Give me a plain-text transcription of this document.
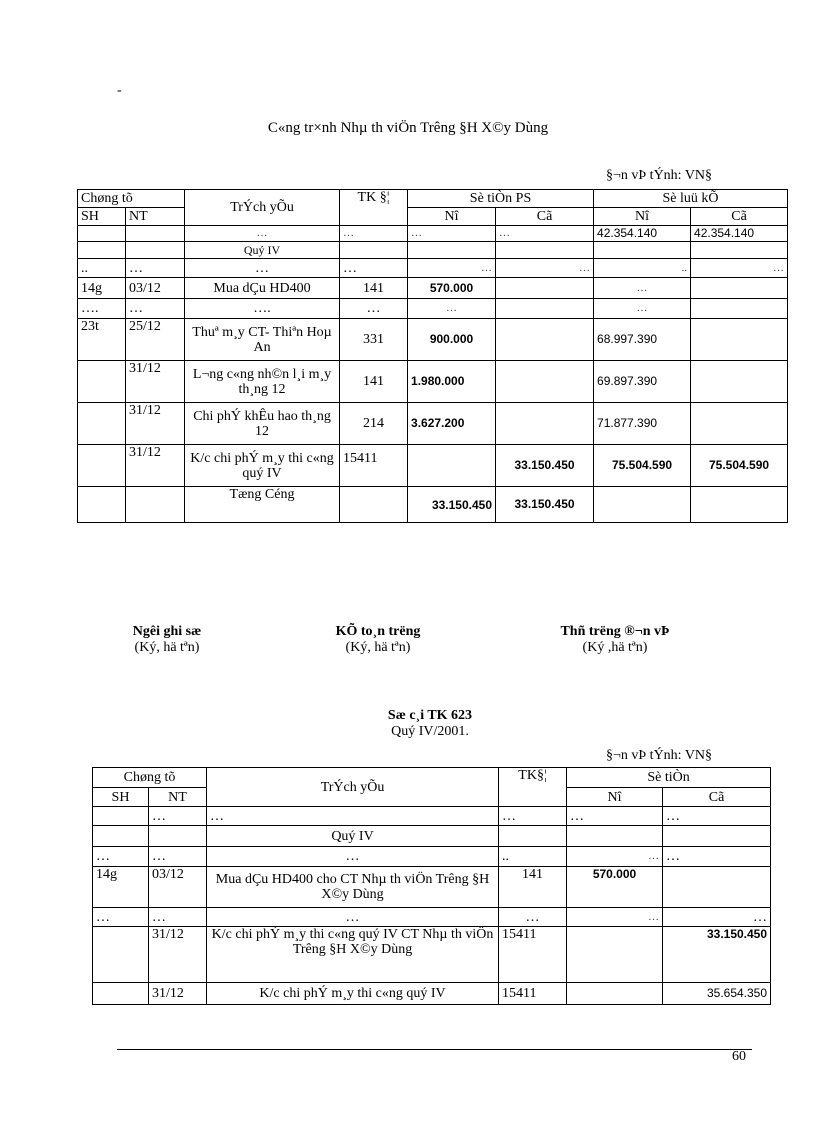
-
C«ng tr×nh Nhµ th viÖn Trêng §H X©y Dùng
§¬n vÞ tÝnh: VN§
Chøng tõ		TrÝch yÕu	TK §¦	Sè tiÒn PS		Sè luü kÕ	
SH	NT			Nî	Cã	Nî	Cã
		…	…	…	…	42.354.140	42.354.140
		Quý IV					
..	…	…	…	…	…	..	…
14g	03/12	Mua dÇu HD400	141	570.000		…	
….	…	….	…	…		…	
23t	25/12	Thuª m¸y CT- Thiªn Hoµ An	331	900.000		68.997.390	
	31/12	L¬ng c«ng nh©n l¸i m¸y th¸ng 12	141	1.980.000		69.897.390	
	31/12	Chi phÝ khÊu hao th¸ng 12	214	3.627.200		71.877.390	
	31/12	K/c chi phÝ m¸y thi c«ng quý IV	15411		33.150.450	75.504.590	75.504.590
		Tæng Céng		33.150.450	33.150.450		
Ngêi ghi sæ
(Ký, hä tªn)
KÕ to¸n trëng
(Ký, hä tªn)
Thñ trëng ®¬n vÞ
(Ký ,hä tªn)
Sæ c¸i TK 623
Quý IV/2001.
§¬n vÞ tÝnh: VN§
Chøng tõ		TrÝch yÕu	TK§¦	Sè tiÒn	
SH	NT			Nî	Cã
	…	…	…	…	…
		Quý IV			
…	…	…	..	…	…
14g	03/12	Mua dÇu HD400 cho CT Nhµ th viÖn Trêng §H X©y Dùng	141	570.000	
…	…	…	…	…	…
	31/12	K/c chi phÝ m¸y thi c«ng quý IV CT Nhµ th viÖn Trêng §H X©y Dùng	15411		33.150.450
	31/12	K/c chi phÝ m¸y thi c«ng quý IV	15411		35.654.350
60
